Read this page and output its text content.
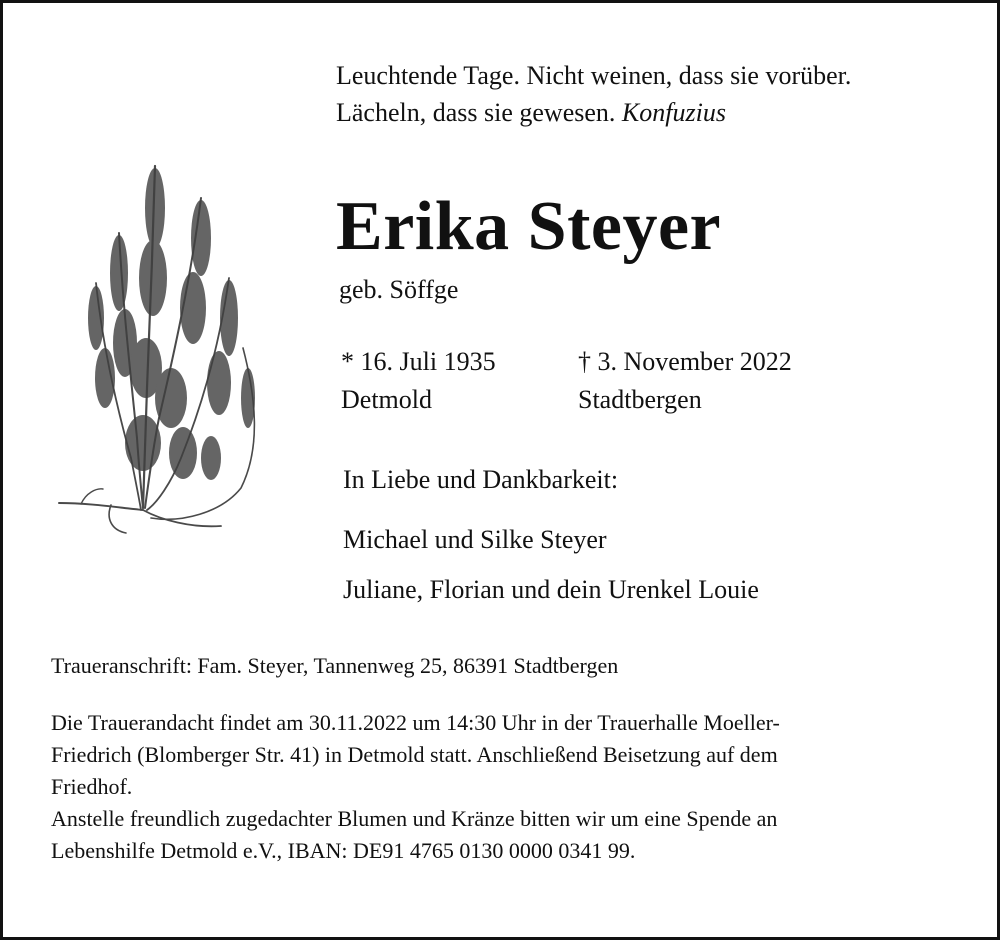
Leuchtende Tage. Nicht weinen, dass sie vorüber.
Lächeln, dass sie gewesen. Konfuzius
Erika Steyer
geb. Söffge
* 16. Juli 1935
Detmold
† 3. November 2022
Stadtbergen
In Liebe und Dankbarkeit:
Michael und Silke Steyer
Juliane, Florian und dein Urenkel Louie
Traueranschrift: Fam. Steyer, Tannenweg 25, 86391 Stadtbergen
Die Trauerandacht findet am 30.11.2022 um 14:30 Uhr in der Trauerhalle Moeller-
Friedrich (Blomberger Str. 41) in Detmold statt. Anschließend Beisetzung auf dem
Friedhof.
Anstelle freundlich zugedachter Blumen und Kränze bitten wir um eine Spende an
Lebenshilfe Detmold e.V., IBAN: DE91 4765 0130 0000 0341 99.
